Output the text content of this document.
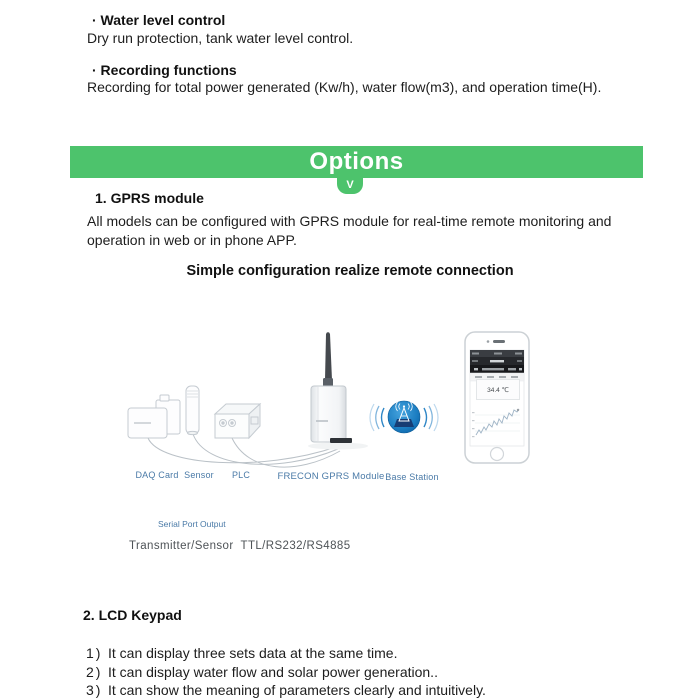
· Water level control
Dry run protection, tank water level control.
· Recording functions
Recording for total power generated (Kw/h), water flow(m3), and operation time(H).
Options
V
1. GPRS module
All models can be configured with GPRS module for real-time remote monitoring and
operation in web or in phone APP.
Simple configuration realize remote connection
34.4 ℃
DAQ Card Sensor PLC	FRECON GPRS Module Base Station
Serial Port Output
Transmitter/Sensor  TTL/RS232/RS4885
2. LCD Keypad
1) It can display three sets data at the same time.
2) It can display water flow and solar power generation..
3) It can show the meaning of parameters clearly and intuitively.
